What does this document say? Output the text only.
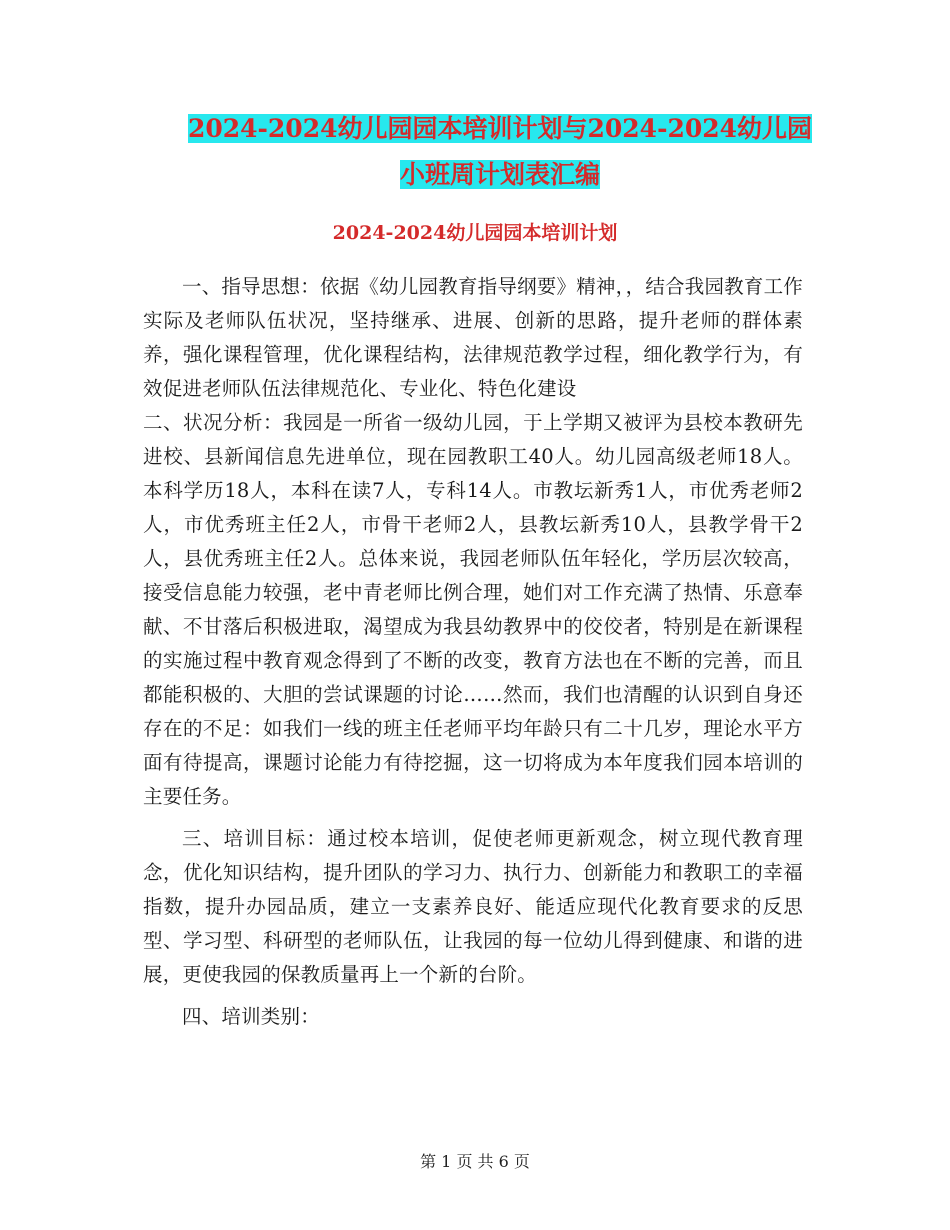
2024-2024幼儿园园本培训计划与2024-2024幼儿园小班周计划表汇编
2024-2024幼儿园园本培训计划

一、指导思想：依据《幼儿园教育指导纲要》精神，，结合我园教育工作实际及老师队伍状况，坚持继承、进展、创新的思路，提升老师的群体素养，强化课程管理，优化课程结构，法律规范教学过程，细化教学行为，有效促进老师队伍法律规范化、专业化、特色化建设

二、状况分析：我园是一所省一级幼儿园，于上学期又被评为县校本教研先进校、县新闻信息先进单位，现在园教职工40人。幼儿园高级老师18人。本科学历18人，本科在读7人，专科14人。市教坛新秀1人，市优秀老师2人，市优秀班主任2人，市骨干老师2人，县教坛新秀10人，县教学骨干2人，县优秀班主任2人。总体来说，我园老师队伍年轻化，学历层次较高，接受信息能力较强，老中青老师比例合理，她们对工作充满了热情、乐意奉献、不甘落后积极进取，渴望成为我县幼教界中的佼佼者，特别是在新课程的实施过程中教育观念得到了不断的改变，教育方法也在不断的完善，而且都能积极的、大胆的尝试课题的讨论……然而，我们也清醒的认识到自身还存在的不足：如我们一线的班主任老师平均年龄只有二十几岁，理论水平方面有待提高，课题讨论能力有待挖掘，这一切将成为本年度我们园本培训的主要任务。

三、培训目标：通过校本培训，促使老师更新观念，树立现代教育理念，优化知识结构，提升团队的学习力、执行力、创新能力和教职工的幸福指数，提升办园品质，建立一支素养良好、能适应现代化教育要求的反思型、学习型、科研型的老师队伍，让我园的每一位幼儿得到健康、和谐的进展，更使我园的保教质量再上一个新的台阶。

四、培训类别：

第 1 页 共 6 页
